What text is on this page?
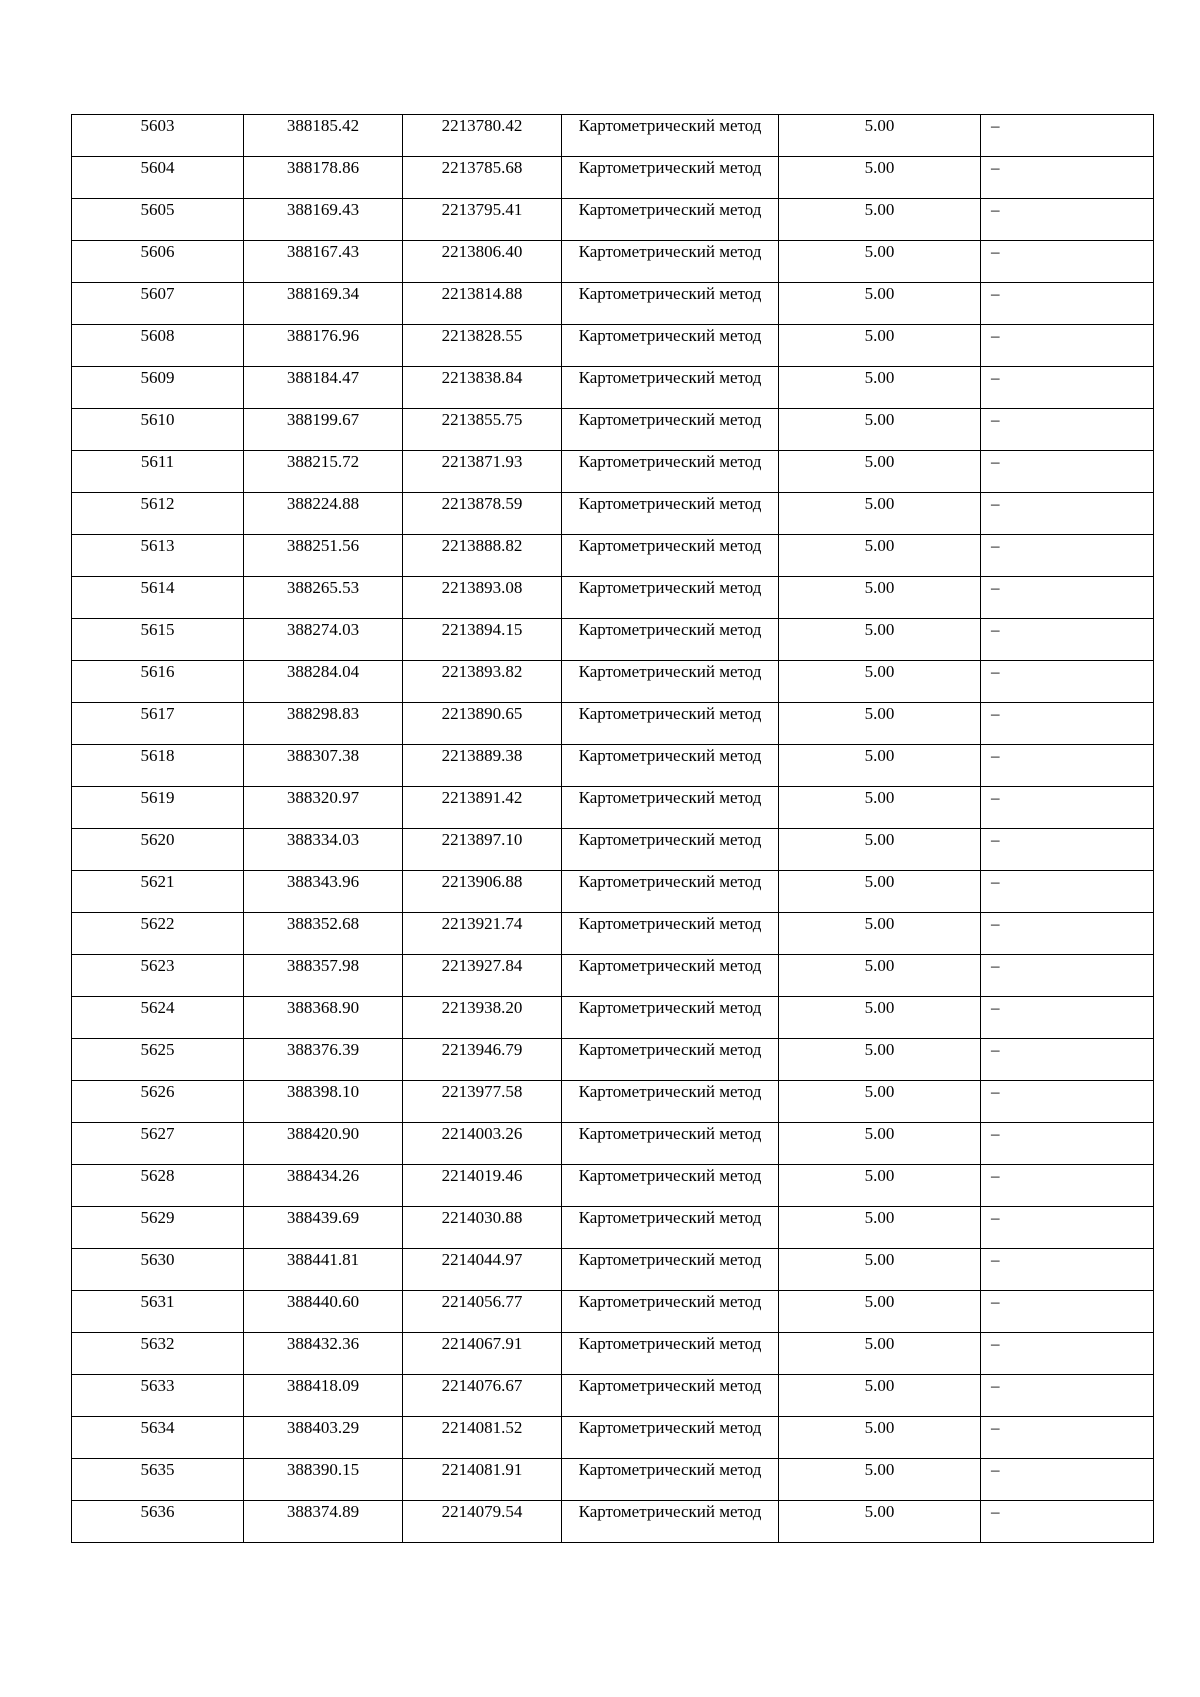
5603	388185.42	2213780.42	Картометрический метод	5.00	–
5604	388178.86	2213785.68	Картометрический метод	5.00	–
5605	388169.43	2213795.41	Картометрический метод	5.00	–
5606	388167.43	2213806.40	Картометрический метод	5.00	–
5607	388169.34	2213814.88	Картометрический метод	5.00	–
5608	388176.96	2213828.55	Картометрический метод	5.00	–
5609	388184.47	2213838.84	Картометрический метод	5.00	–
5610	388199.67	2213855.75	Картометрический метод	5.00	–
5611	388215.72	2213871.93	Картометрический метод	5.00	–
5612	388224.88	2213878.59	Картометрический метод	5.00	–
5613	388251.56	2213888.82	Картометрический метод	5.00	–
5614	388265.53	2213893.08	Картометрический метод	5.00	–
5615	388274.03	2213894.15	Картометрический метод	5.00	–
5616	388284.04	2213893.82	Картометрический метод	5.00	–
5617	388298.83	2213890.65	Картометрический метод	5.00	–
5618	388307.38	2213889.38	Картометрический метод	5.00	–
5619	388320.97	2213891.42	Картометрический метод	5.00	–
5620	388334.03	2213897.10	Картометрический метод	5.00	–
5621	388343.96	2213906.88	Картометрический метод	5.00	–
5622	388352.68	2213921.74	Картометрический метод	5.00	–
5623	388357.98	2213927.84	Картометрический метод	5.00	–
5624	388368.90	2213938.20	Картометрический метод	5.00	–
5625	388376.39	2213946.79	Картометрический метод	5.00	–
5626	388398.10	2213977.58	Картометрический метод	5.00	–
5627	388420.90	2214003.26	Картометрический метод	5.00	–
5628	388434.26	2214019.46	Картометрический метод	5.00	–
5629	388439.69	2214030.88	Картометрический метод	5.00	–
5630	388441.81	2214044.97	Картометрический метод	5.00	–
5631	388440.60	2214056.77	Картометрический метод	5.00	–
5632	388432.36	2214067.91	Картометрический метод	5.00	–
5633	388418.09	2214076.67	Картометрический метод	5.00	–
5634	388403.29	2214081.52	Картометрический метод	5.00	–
5635	388390.15	2214081.91	Картометрический метод	5.00	–
5636	388374.89	2214079.54	Картометрический метод	5.00	–
